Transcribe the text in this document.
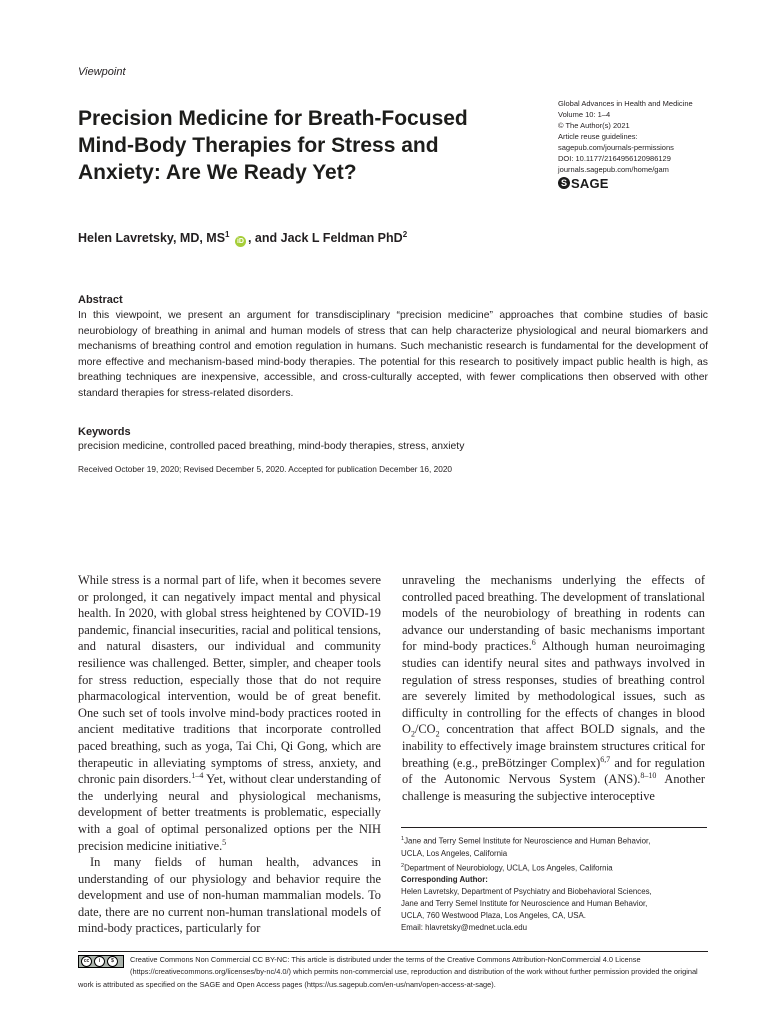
Viewpoint
Precision Medicine for Breath-Focused Mind-Body Therapies for Stress and Anxiety: Are We Ready Yet?
Global Advances in Health and Medicine
Volume 10: 1–4
© The Author(s) 2021
Article reuse guidelines:
sagepub.com/journals-permissions
DOI: 10.1177/2164956120986129
journals.sagepub.com/home/gam
S SAGE
Helen Lavretsky, MD, $MS^1$ iD , and Jack L Feldman PhD$^2$
Abstract

In this viewpoint, we present an argument for transdisciplinary “precision medicine” approaches that combine studies of basic neurobiology of breathing in animal and human models of stress that can help characterize physiological and neural biomarkers and mechanisms of breathing control and emotion regulation in humans. Such mechanistic research is fundamental for the development of more effective and mechanism-based mind-body therapies. The potential for this research to positively impact public health is high, as breathing techniques are inexpensive, accessible, and cross-culturally accepted, with fewer complications then observed with other standard therapies for stress-related disorders.

Keywords
precision medicine, controlled paced breathing, mind-body therapies, stress, anxiety
Received October 19, 2020; Revised December 5, 2020. Accepted for publication December 16, 2020

While stress is a normal part of life, when it becomes severe or prolonged, it can negatively impact mental and physical health. In 2020, with global stress heightened by COVID-19 pandemic, financial insecurities, racial and political tensions, and natural disasters, our individual and community resilience was challenged. Better, simpler, and cheaper tools for stress reduction, especially those that do not require pharmacological intervention, would be of great benefit. One such set of tools involve mind-body practices rooted in ancient meditative traditions that incorporate controlled paced breathing, such as yoga, Tai Chi, Qi Gong, which are therapeutic in alleviating symptoms of stress, anxiety, and chronic pain disorders.$^{1-4}$ Yet, without clear understanding of the underlying neural and physiological mechanisms, development of better treatments is problematic, especially with a goal of optimal personalized options per the NIH precision medicine initiative.$^5$

In many fields of human health, advances in understanding of our physiology and behavior require the development and use of non-human mammalian models. To date, there are no current non-human translational models of mind-body practices, particularly for

unraveling the mechanisms underlying the effects of controlled paced breathing. The development of translational models of the neurobiology of breathing in rodents can advance our understanding of basic mechanisms important for mind-body practices.$^6$ Although human neuroimaging studies can identify neural sites and pathways involved in regulation of stress responses, studies of breathing control are severely limited by methodological issues, such as difficulty in controlling for the effects of changes in blood $O_2/CO_2$ concentration that affect BOLD signals, and the inability to effectively image brainstem structures critical for breathing (e.g., preBötzinger Complex)$^{6,7}$ and for regulation of the Autonomic Nervous System (ANS).$^{8-10}$ Another challenge is measuring the subjective interoceptive

$^1$Jane and Terry Semel Institute for Neuroscience and Human Behavior,
UCLA, Los Angeles, California
$^2$Department of Neurobiology, UCLA, Los Angeles, California
Corresponding Author:
Helen Lavretsky, Department of Psychiatry and Biobehavioral Sciences,
Jane and Terry Semel Institute for Neuroscience and Human Behavior,
UCLA, 760 Westwood Plaza, Los Angeles, CA, USA.
Email: hlavretsky@mednet.ucla.edu

cc	i	$	Creative Commons Non Commercial CC BY-NC: This article is distributed under the terms of the Creative Commons Attribution-NonCommercial 4.0 License (https://creativecommons.org/licenses/by-nc/4.0/) which permits non-commercial use, reproduction and distribution of the work without further permission provided the original work is attributed as specified on the SAGE and Open Access pages (https://us.sagepub.com/en-us/nam/open-access-at-sage).
